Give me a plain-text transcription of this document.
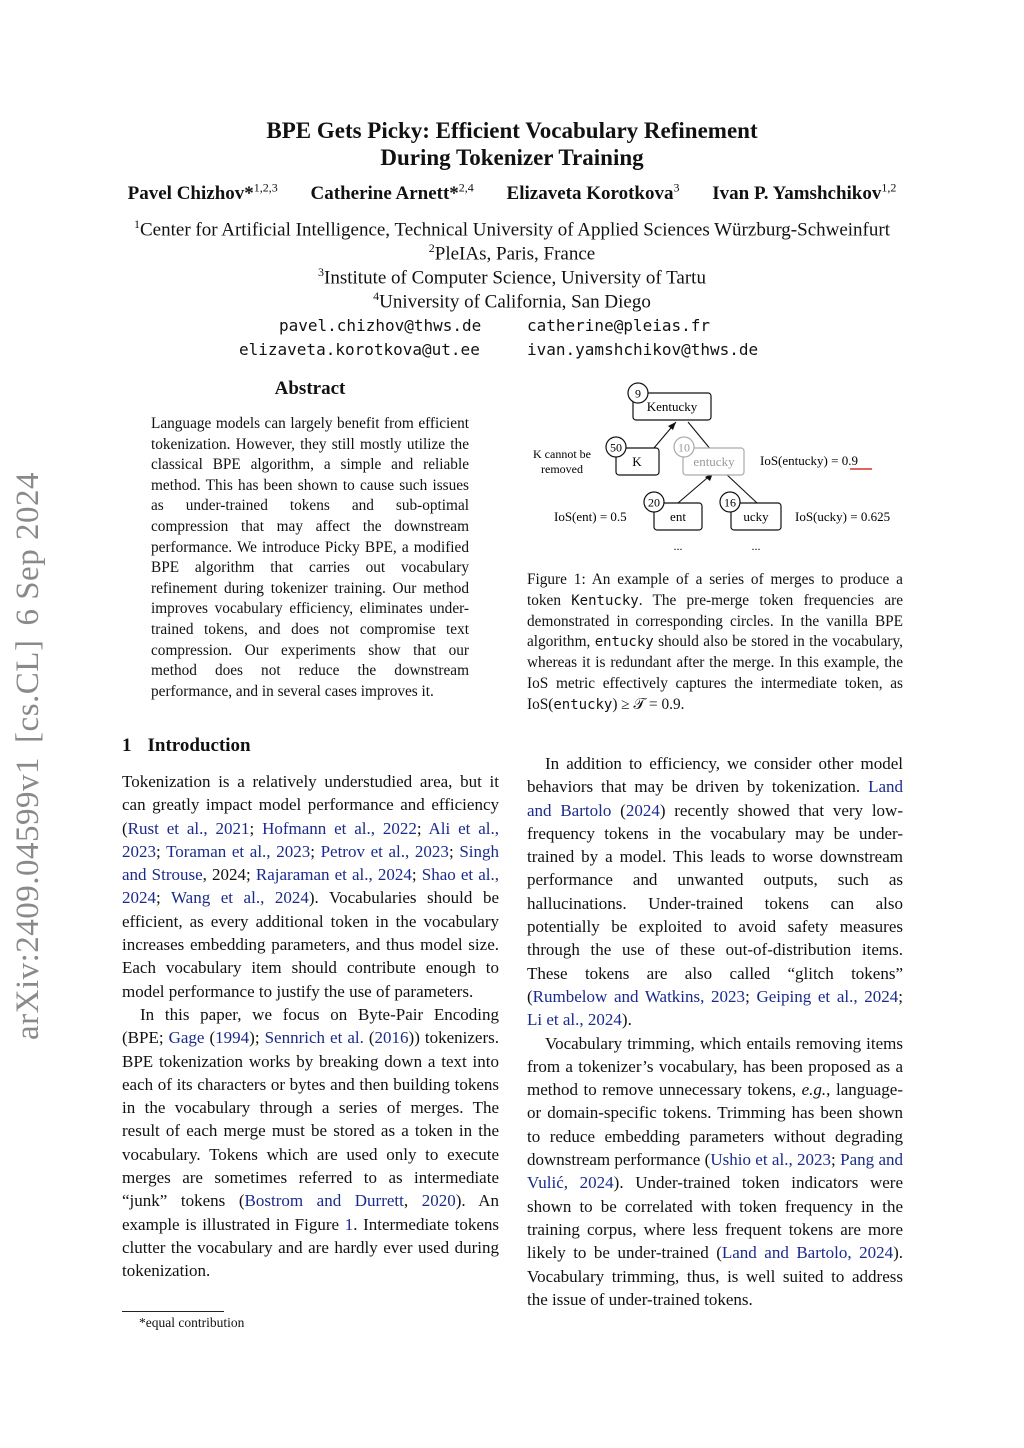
arXiv:2409.04599v1[cs.CL]6 Sep 2024
BPE Gets Picky: Efficient Vocabulary Refinement
During Tokenizer Training
Pavel Chizhov*$^{1,2,3}$ Catherine Arnett*$^{2,4}$ Elizaveta Korotkova$^3$ Ivan P. Yamshchikov$^{1,2}$
$^1$Center for Artificial Intelligence, Technical University of Applied Sciences Würzburg-Schweinfurt
$^2$PleIAs, Paris, France
$^3$Institute of Computer Science, University of Tartu
$^4$University of California, San Diego
pavel.chizhov@thws.de	catherine@pleias.fr
elizaveta.korotkova@ut.ee	ivan.yamshchikov@thws.de
Abstract
Language models can largely benefit from efficient tokenization. However, they still mostly utilize the classical BPE algorithm, a simple and reliable method. This has been shown to cause such issues as under-trained tokens and sub-optimal compression that may affect the downstream performance. We introduce Picky BPE, a modified BPE algorithm that carries out vocabulary refinement during tokenizer training. Our method improves vocabulary efficiency, eliminates under-trained tokens, and does not compromise text compression. Our experiments show that our method does not reduce the downstream performance, and in several cases improves it.
Kentucky
9
K
50
K cannot be
removed	entucky
10
IoS(entucky) = 0.9
ent
20
IoS(ent) = 0.5
...
ucky
16
IoS(ucky) = 0.625
...
Figure 1: An example of a series of merges to produce a token Kentucky. The pre-merge token frequencies are demonstrated in corresponding circles. In the vanilla BPE algorithm, entucky should also be stored in the vocabulary, whereas it is redundant after the merge. In this example, the IoS metric effectively captures the intermediate token, as IoS(entucky) ≥ 𝒯 = 0.9.
1 Introduction

Tokenization is a relatively understudied area, but it can greatly impact model performance and efficiency (Rust et al., 2021; Hofmann et al., 2022; Ali et al., 2023; Toraman et al., 2023; Petrov et al., 2023; Singh and Strouse, 2024; Rajaraman et al., 2024; Shao et al., 2024; Wang et al., 2024). Vocabularies should be efficient, as every additional token in the vocabulary increases embedding parameters, and thus model size. Each vocabulary item should contribute enough to model performance to justify the use of parameters.

In this paper, we focus on Byte-Pair Encoding (BPE; Gage (1994); Sennrich et al. (2016)) tokenizers. BPE tokenization works by breaking down a text into each of its characters or bytes and then building tokens in the vocabulary through a series of merges. The result of each merge must be stored as a token in the vocabulary. Tokens which are used only to execute merges are sometimes referred to as intermediate “junk” tokens (Bostrom and Durrett, 2020). An example is illustrated in Figure 1. Intermediate tokens clutter the vocabulary and are hardly ever used during tokenization.

*equal contribution

In addition to efficiency, we consider other model behaviors that may be driven by tokenization. Land and Bartolo (2024) recently showed that very low-frequency tokens in the vocabulary may be under-trained by a model. This leads to worse downstream performance and unwanted outputs, such as hallucinations. Under-trained tokens can also potentially be exploited to avoid safety measures through the use of these out-of-distribution items. These tokens are also called “glitch tokens” (Rumbelow and Watkins, 2023; Geiping et al., 2024; Li et al., 2024).

Vocabulary trimming, which entails removing items from a tokenizer’s vocabulary, has been proposed as a method to remove unnecessary tokens, e.g., language- or domain-specific tokens. Trimming has been shown to reduce embedding parameters without degrading downstream performance (Ushio et al., 2023; Pang and Vulić, 2024). Under-trained token indicators were shown to be correlated with token frequency in the training corpus, where less frequent tokens are more likely to be under-trained (Land and Bartolo, 2024). Vocabulary trimming, thus, is well suited to address the issue of under-trained tokens.
